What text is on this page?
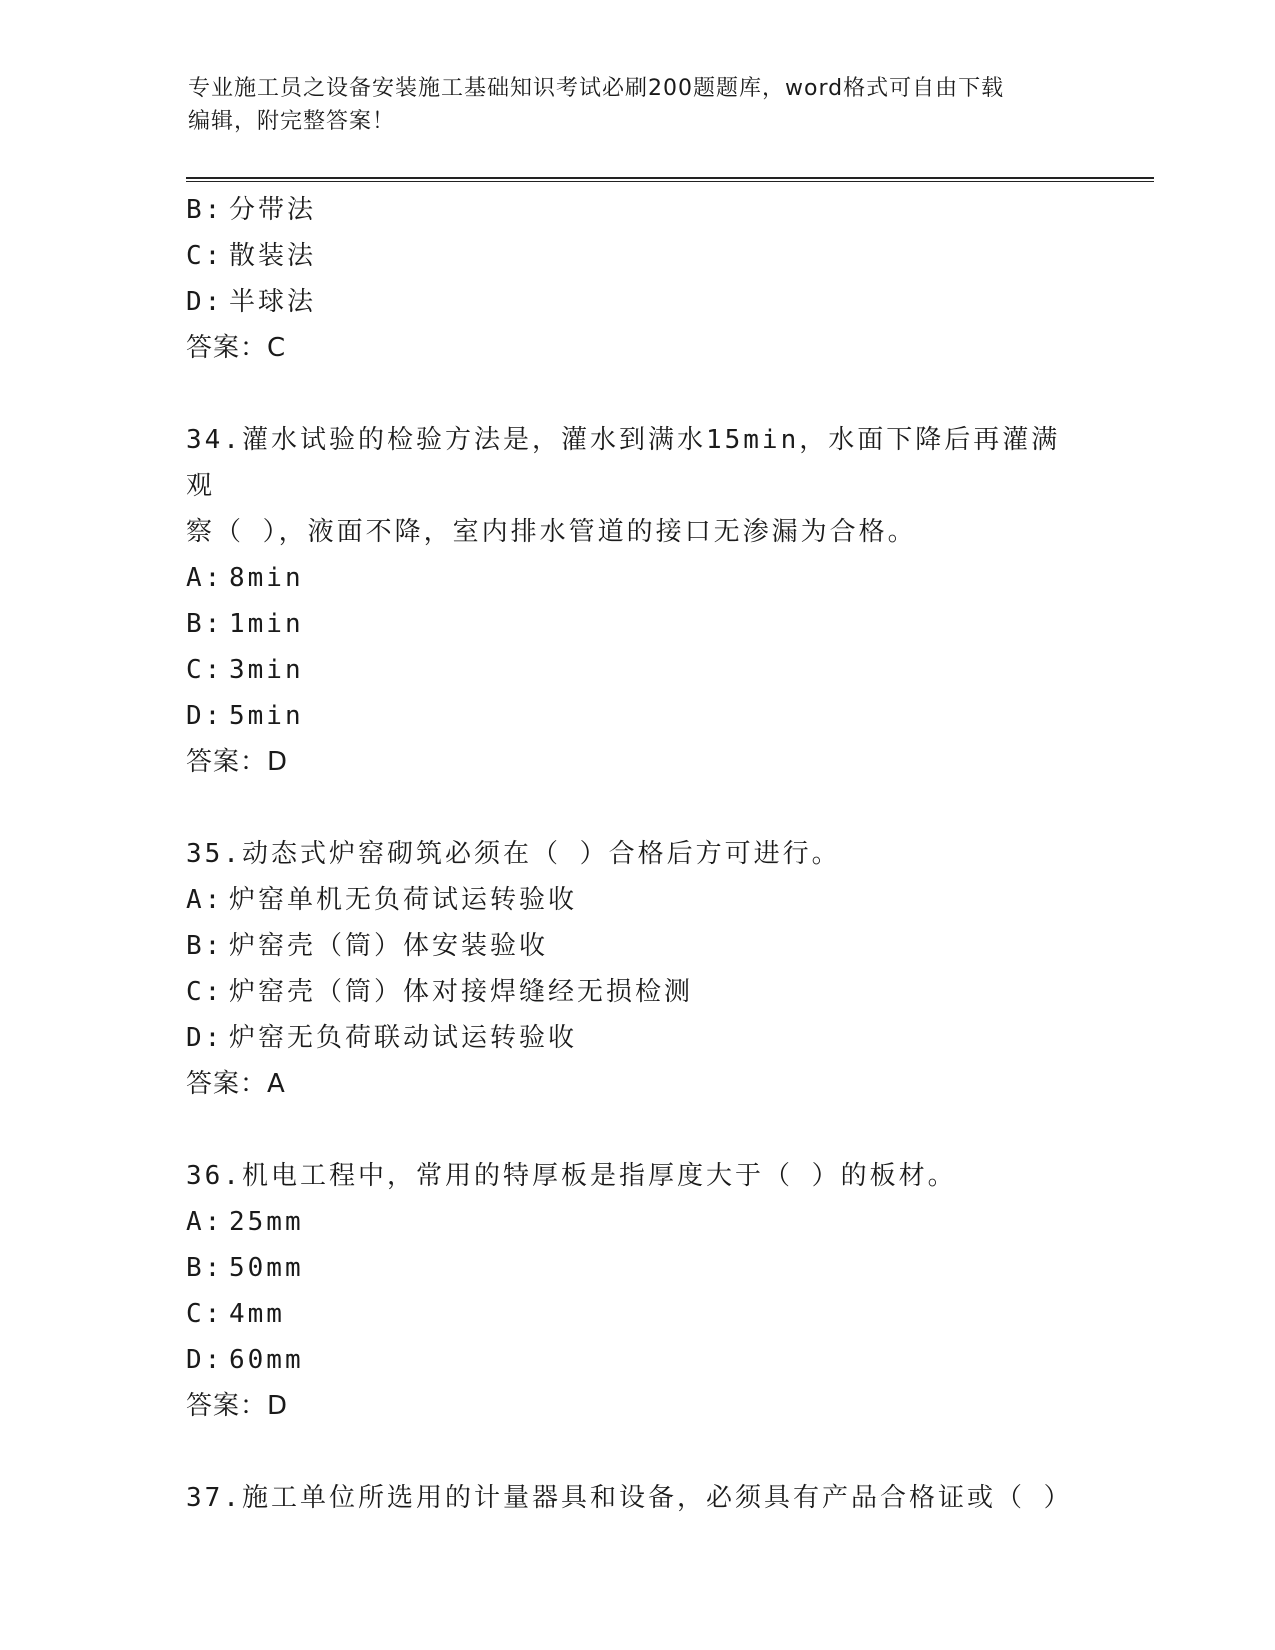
专业施工员之设备安装施工基础知识考试必刷200题题库，word格式可自由下载
编辑，附完整答案！
B: 分带法
C: 散装法
D: 半球法
答案：C
34.灌水试验的检验方法是，灌水到满水15min，水面下降后再灌满观
察（ ），液面不降，室内排水管道的接口无渗漏为合格。
A: 8min
B: 1min
C: 3min
D: 5min
答案：D
35.动态式炉窑砌筑必须在（ ）合格后方可进行。
A: 炉窑单机无负荷试运转验收
B: 炉窑壳（筒）体安装验收
C: 炉窑壳（筒）体对接焊缝经无损检测
D: 炉窑无负荷联动试运转验收
答案：A
36.机电工程中，常用的特厚板是指厚度大于（ ）的板材。
A: 25mm
B: 50mm
C: 4mm
D: 60mm
答案：D
37.施工单位所选用的计量器具和设备，必须具有产品合格证或（ ）
